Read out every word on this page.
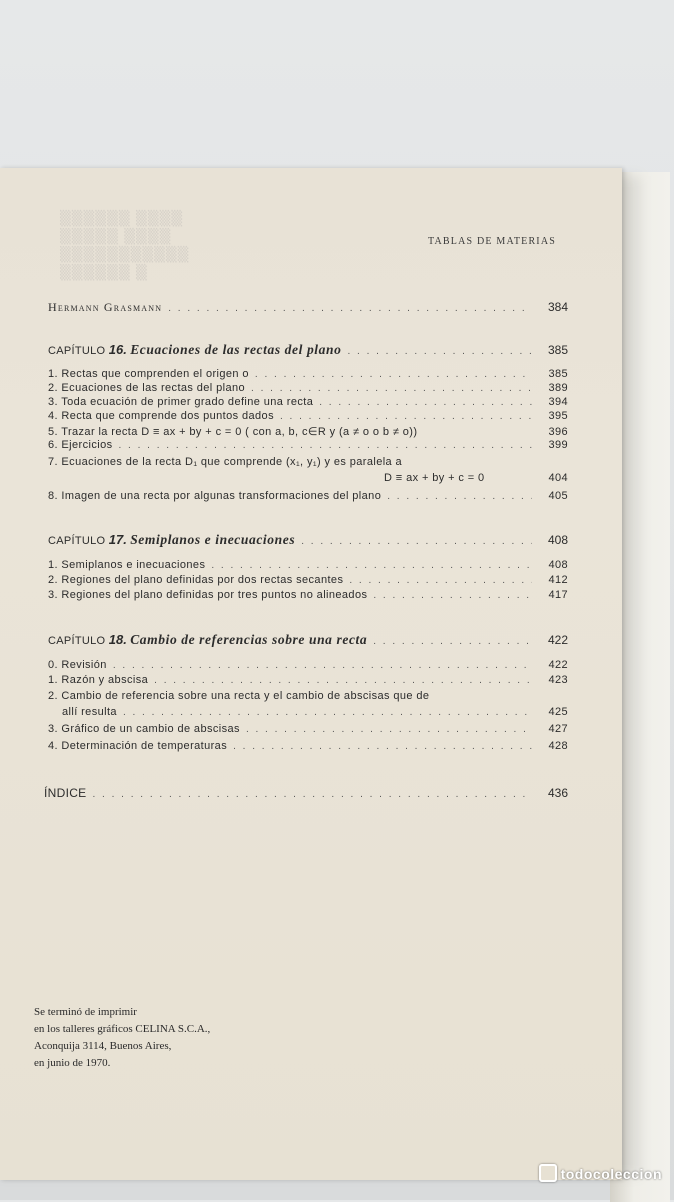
▒▒▒▒▒▒ ▒▒▒▒
▒▒▒▒▒ ▒▒▒▒
▒▒▒▒▒▒▒▒▒▒▒
▒▒▒▒▒▒ ▒
TABLAS DE MATERIAS
Hermann Grasmann . . .	384
CAPÍTULO 16. Ecuaciones de las rectas del plano . . .	385
1. Rectas que comprenden el origen o . . .	385
2. Ecuaciones de las rectas del plano . . .	389
3. Toda ecuación de primer grado define una recta . . .	394
4. Recta que comprende dos puntos dados . . .	395
5. Trazar la recta D ≡ ax + by + c = 0 ( con a, b, c∈R y (a ≠ o o b ≠ o))	396
6. Ejercicios . . .	399
7. Ecuaciones de la recta D₁ que comprende (x₁, y₁) y es paralela a
D ≡ ax + by + c = 0	404
8. Imagen de una recta por algunas transformaciones del plano . . .	405
CAPÍTULO 17. Semiplanos e inecuaciones . . .	408
1. Semiplanos e inecuaciones . . .	408
2. Regiones del plano definidas por dos rectas secantes . . .	412
3. Regiones del plano definidas por tres puntos no alineados . . .	417
CAPÍTULO 18. Cambio de referencias sobre una recta . . .	422
0. Revisión . . .	422
1. Razón y abscisa . . .	423
2. Cambio de referencia sobre una recta y el cambio de abscisas que de
allí resulta . . .	425
3. Gráfico de un cambio de abscisas . . .	427
4. Determinación de temperaturas . . .	428
ÍNDICE . . .	436
Se terminó de imprimir
en los talleres gráficos CELINA S.C.A.,
Aconquija 3114, Buenos Aires,
en junio de 1970.
todocoleccion
